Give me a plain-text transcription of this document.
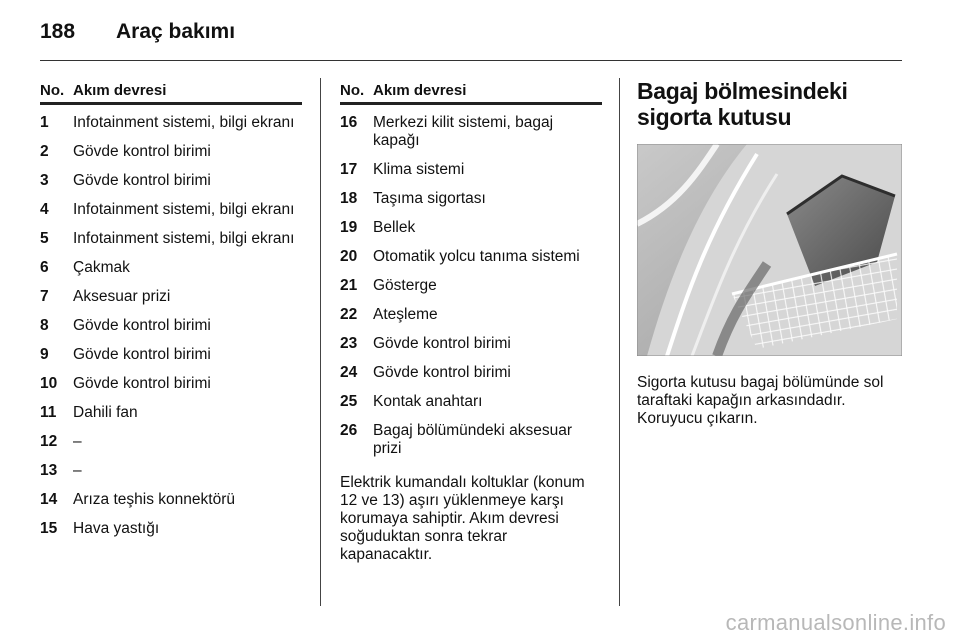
188 Araç bakımı
No. Akım devresi
1 Infotainment sistemi, bilgi ekranı
2 Gövde kontrol birimi
3 Gövde kontrol birimi
4 Infotainment sistemi, bilgi ekranı
5 Infotainment sistemi, bilgi ekranı
6 Çakmak
7 Aksesuar prizi
8 Gövde kontrol birimi
9 Gövde kontrol birimi
10 Gövde kontrol birimi
11 Dahili fan
12 –
13 –
14 Arıza teşhis konnektörü
15 Hava yastığı
No. Akım devresi
16 Merkezi kilit sistemi, bagaj kapağı
17 Klima sistemi
18 Taşıma sigortası
19 Bellek
20 Otomatik yolcu tanıma sistemi
21 Gösterge
22 Ateşleme
23 Gövde kontrol birimi
24 Gövde kontrol birimi
25 Kontak anahtarı
26 Bagaj bölümündeki aksesuar prizi
Elektrik kumandalı koltuklar (konum 12 ve 13) aşırı yüklenmeye karşı korumaya sahiptir. Akım devresi soğuduktan sonra tekrar kapanacaktır.
Bagaj bölmesindeki sigorta kutusu
Sigorta kutusu bagaj bölümünde sol taraftaki kapağın arkasındadır. Koruyucu çıkarın.
carmanualsonline.info
